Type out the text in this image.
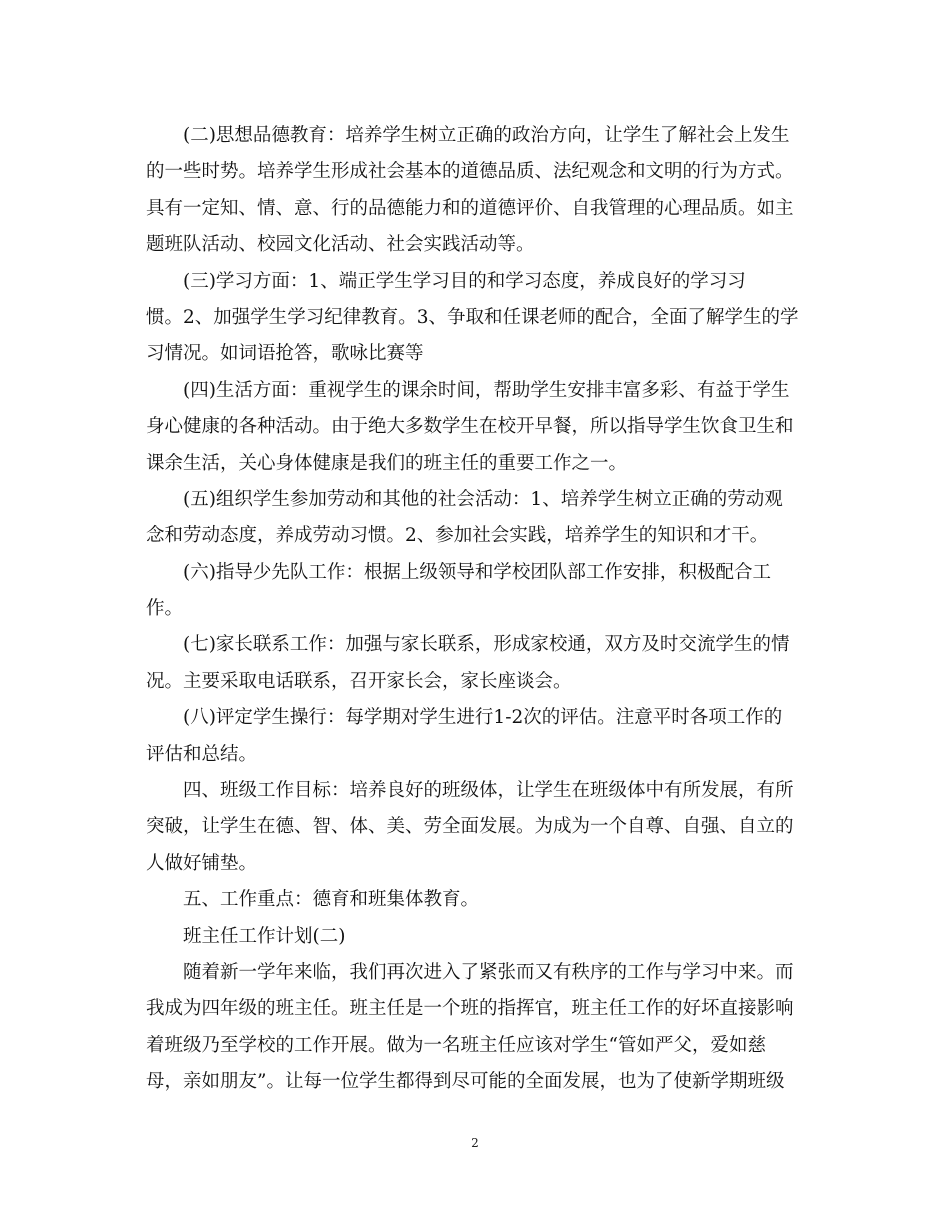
(二)思想品德教育：培养学生树立正确的政治方向，让学生了解社会上发生
的一些时势。培养学生形成社会基本的道德品质、法纪观念和文明的行为方式。
具有一定知、情、意、行的品德能力和的道德评价、自我管理的心理品质。如主
题班队活动、校园文化活动、社会实践活动等。
(三)学习方面：1、端正学生学习目的和学习态度，养成良好的学习习
惯。2、加强学生学习纪律教育。3、争取和任课老师的配合，全面了解学生的学
习情况。如词语抢答，歌咏比赛等
(四)生活方面：重视学生的课余时间，帮助学生安排丰富多彩、有益于学生
身心健康的各种活动。由于绝大多数学生在校开早餐，所以指导学生饮食卫生和
课余生活，关心身体健康是我们的班主任的重要工作之一。
(五)组织学生参加劳动和其他的社会活动：1、培养学生树立正确的劳动观
念和劳动态度，养成劳动习惯。2、参加社会实践，培养学生的知识和才干。
(六)指导少先队工作：根据上级领导和学校团队部工作安排，积极配合工
作。
(七)家长联系工作：加强与家长联系，形成家校通，双方及时交流学生的情
况。主要采取电话联系，召开家长会，家长座谈会。
(八)评定学生操行：每学期对学生进行1-2次的评估。注意平时各项工作的
评估和总结。
四、班级工作目标：培养良好的班级体，让学生在班级体中有所发展，有所
突破，让学生在德、智、体、美、劳全面发展。为成为一个自尊、自强、自立的
人做好铺垫。
五、工作重点：德育和班集体教育。
班主任工作计划(二)
随着新一学年来临，我们再次进入了紧张而又有秩序的工作与学习中来。而
我成为四年级的班主任。班主任是一个班的指挥官，班主任工作的好坏直接影响
着班级乃至学校的工作开展。做为一名班主任应该对学生“管如严父，爱如慈
母，亲如朋友”。让每一位学生都得到尽可能的全面发展，也为了使新学期班级
2
